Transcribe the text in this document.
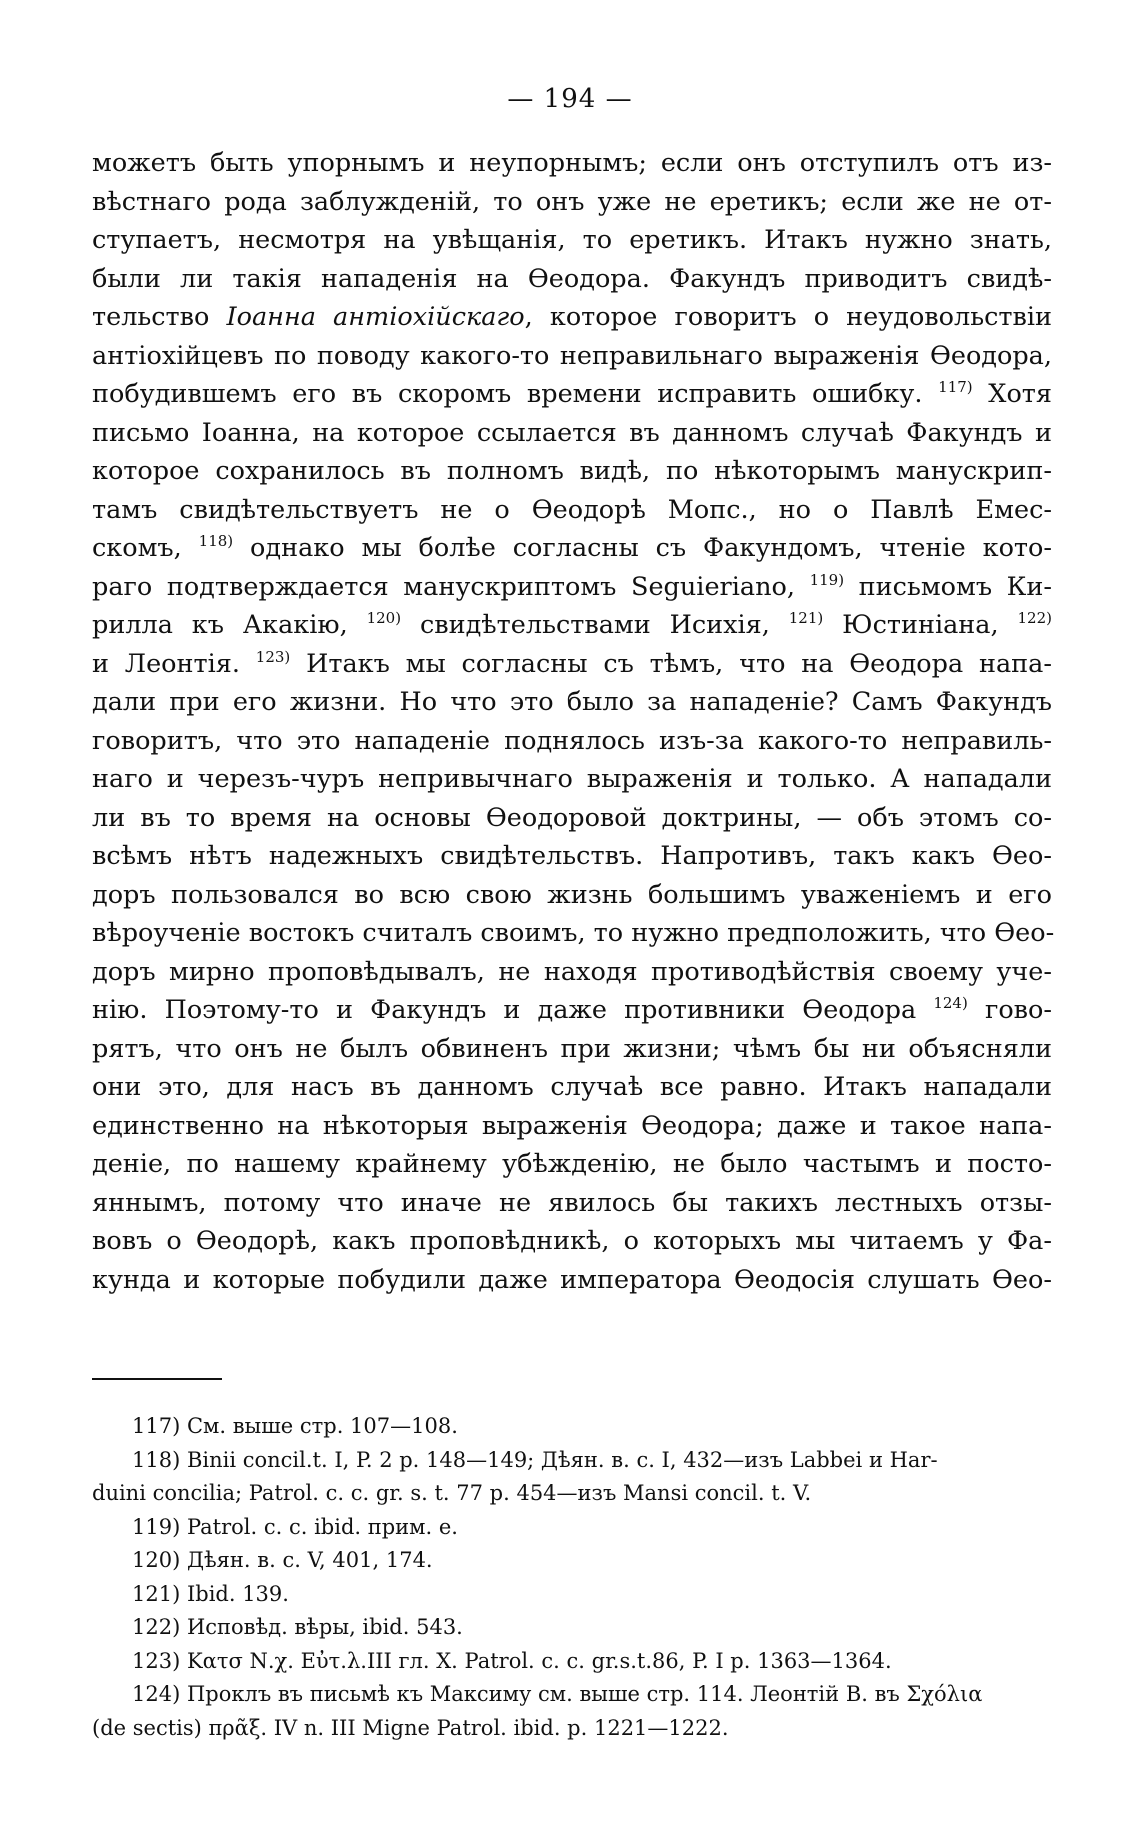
— 194 —
можетъ быть упорнымъ и неупорнымъ; если онъ отступилъ отъ из-
вѣстнаго рода заблужденій, то онъ уже не еретикъ; если же не от-
ступаетъ, несмотря на увѣщанія, то еретикъ. Итакъ нужно знать,
были ли такія нападенія на Ѳеодора. Факундъ приводитъ свидѣ-
тельство Іоанна антіохійскаго, которое говоритъ о неудовольствіи
антіохійцевъ по поводу какого-то неправильнаго выраженія Ѳеодора,
побудившемъ его въ скоромъ времени исправить ошибку. $^{117)}$ Хотя
письмо Іоанна, на которое ссылается въ данномъ случаѣ Факундъ и
которое сохранилось въ полномъ видѣ, по нѣкоторымъ манускрип-
тамъ свидѣтельствуетъ не о Ѳеодорѣ Мопс., но о Павлѣ Емес-
скомъ, $^{118)}$ однако мы болѣе согласны съ Факундомъ, чтеніе кото-
раго подтверждается манускриптомъ Seguierіano, $^{119)}$ письмомъ Ки-
рилла къ Акакію, $^{120)}$ свидѣтельствами Исихія, $^{121)}$ Юстиніана, $^{122)}$
и Леонтія. $^{123)}$ Итакъ мы согласны съ тѣмъ, что на Ѳеодора напа-
дали при его жизни. Но что это было за нападеніе? Самъ Факундъ
говоритъ, что это нападеніе поднялось изъ-за какого-то неправиль-
наго и черезъ-чуръ непривычнаго выраженія и только. А нападали
ли въ то время на основы Ѳеодоровой доктрины, — объ этомъ со-
всѣмъ нѣтъ надежныхъ свидѣтельствъ. Напротивъ, такъ какъ Ѳео-
доръ пользовался во всю свою жизнь большимъ уваженіемъ и его
вѣроученіе востокъ считалъ своимъ, то нужно предположить, что Ѳео-
доръ мирно проповѣдывалъ, не находя противодѣйствія своему уче-
нію. Поэтому-то и Факундъ и даже противники Ѳеодора $^{124)}$ гово-
рятъ, что онъ не былъ обвиненъ при жизни; чѣмъ бы ни объясняли
они это, для насъ въ данномъ случаѣ все равно. Итакъ нападали
единственно на нѣкоторыя выраженія Ѳеодора; даже и такое напа-
деніе, по нашему крайнему убѣжденію, не было частымъ и посто-
яннымъ, потому что иначе не явилось бы такихъ лестныхъ отзы-
вовъ о Ѳеодорѣ, какъ проповѣдникѣ, о которыхъ мы читаемъ у Фа-
кунда и которые побудили даже императора Ѳеодосія слушать Ѳео-
117) См. выше стр. 107—108.
118) Binii concil.t. I, P. 2 p. 148—149; Дѣян. в. с. I, 432—изъ Labbei и Har-
duini concilia; Patrol. c. c. gr. s. t. 77 p. 454—изъ Mansi concil. t. V.
119) Patrol. c. c. ibid. прим. е.
120) Дѣян. в. с. V, 401, 174.
121) Ibid. 139.
122) Исповѣд. вѣры, ibid. 543.
123) Κατσ Ν.χ. Εὐτ.λ.ΙΙΙ гл. X. Patrol. c. c. gr.s.t.86, P. I p. 1363—1364.
124) Проклъ въ письмѣ къ Максиму см. выше стр. 114. Леонтій В. въ Σχόλια
(de sectis) πρᾶξ. IV n. III Migne Patrol. ibid. p. 1221—1222.
